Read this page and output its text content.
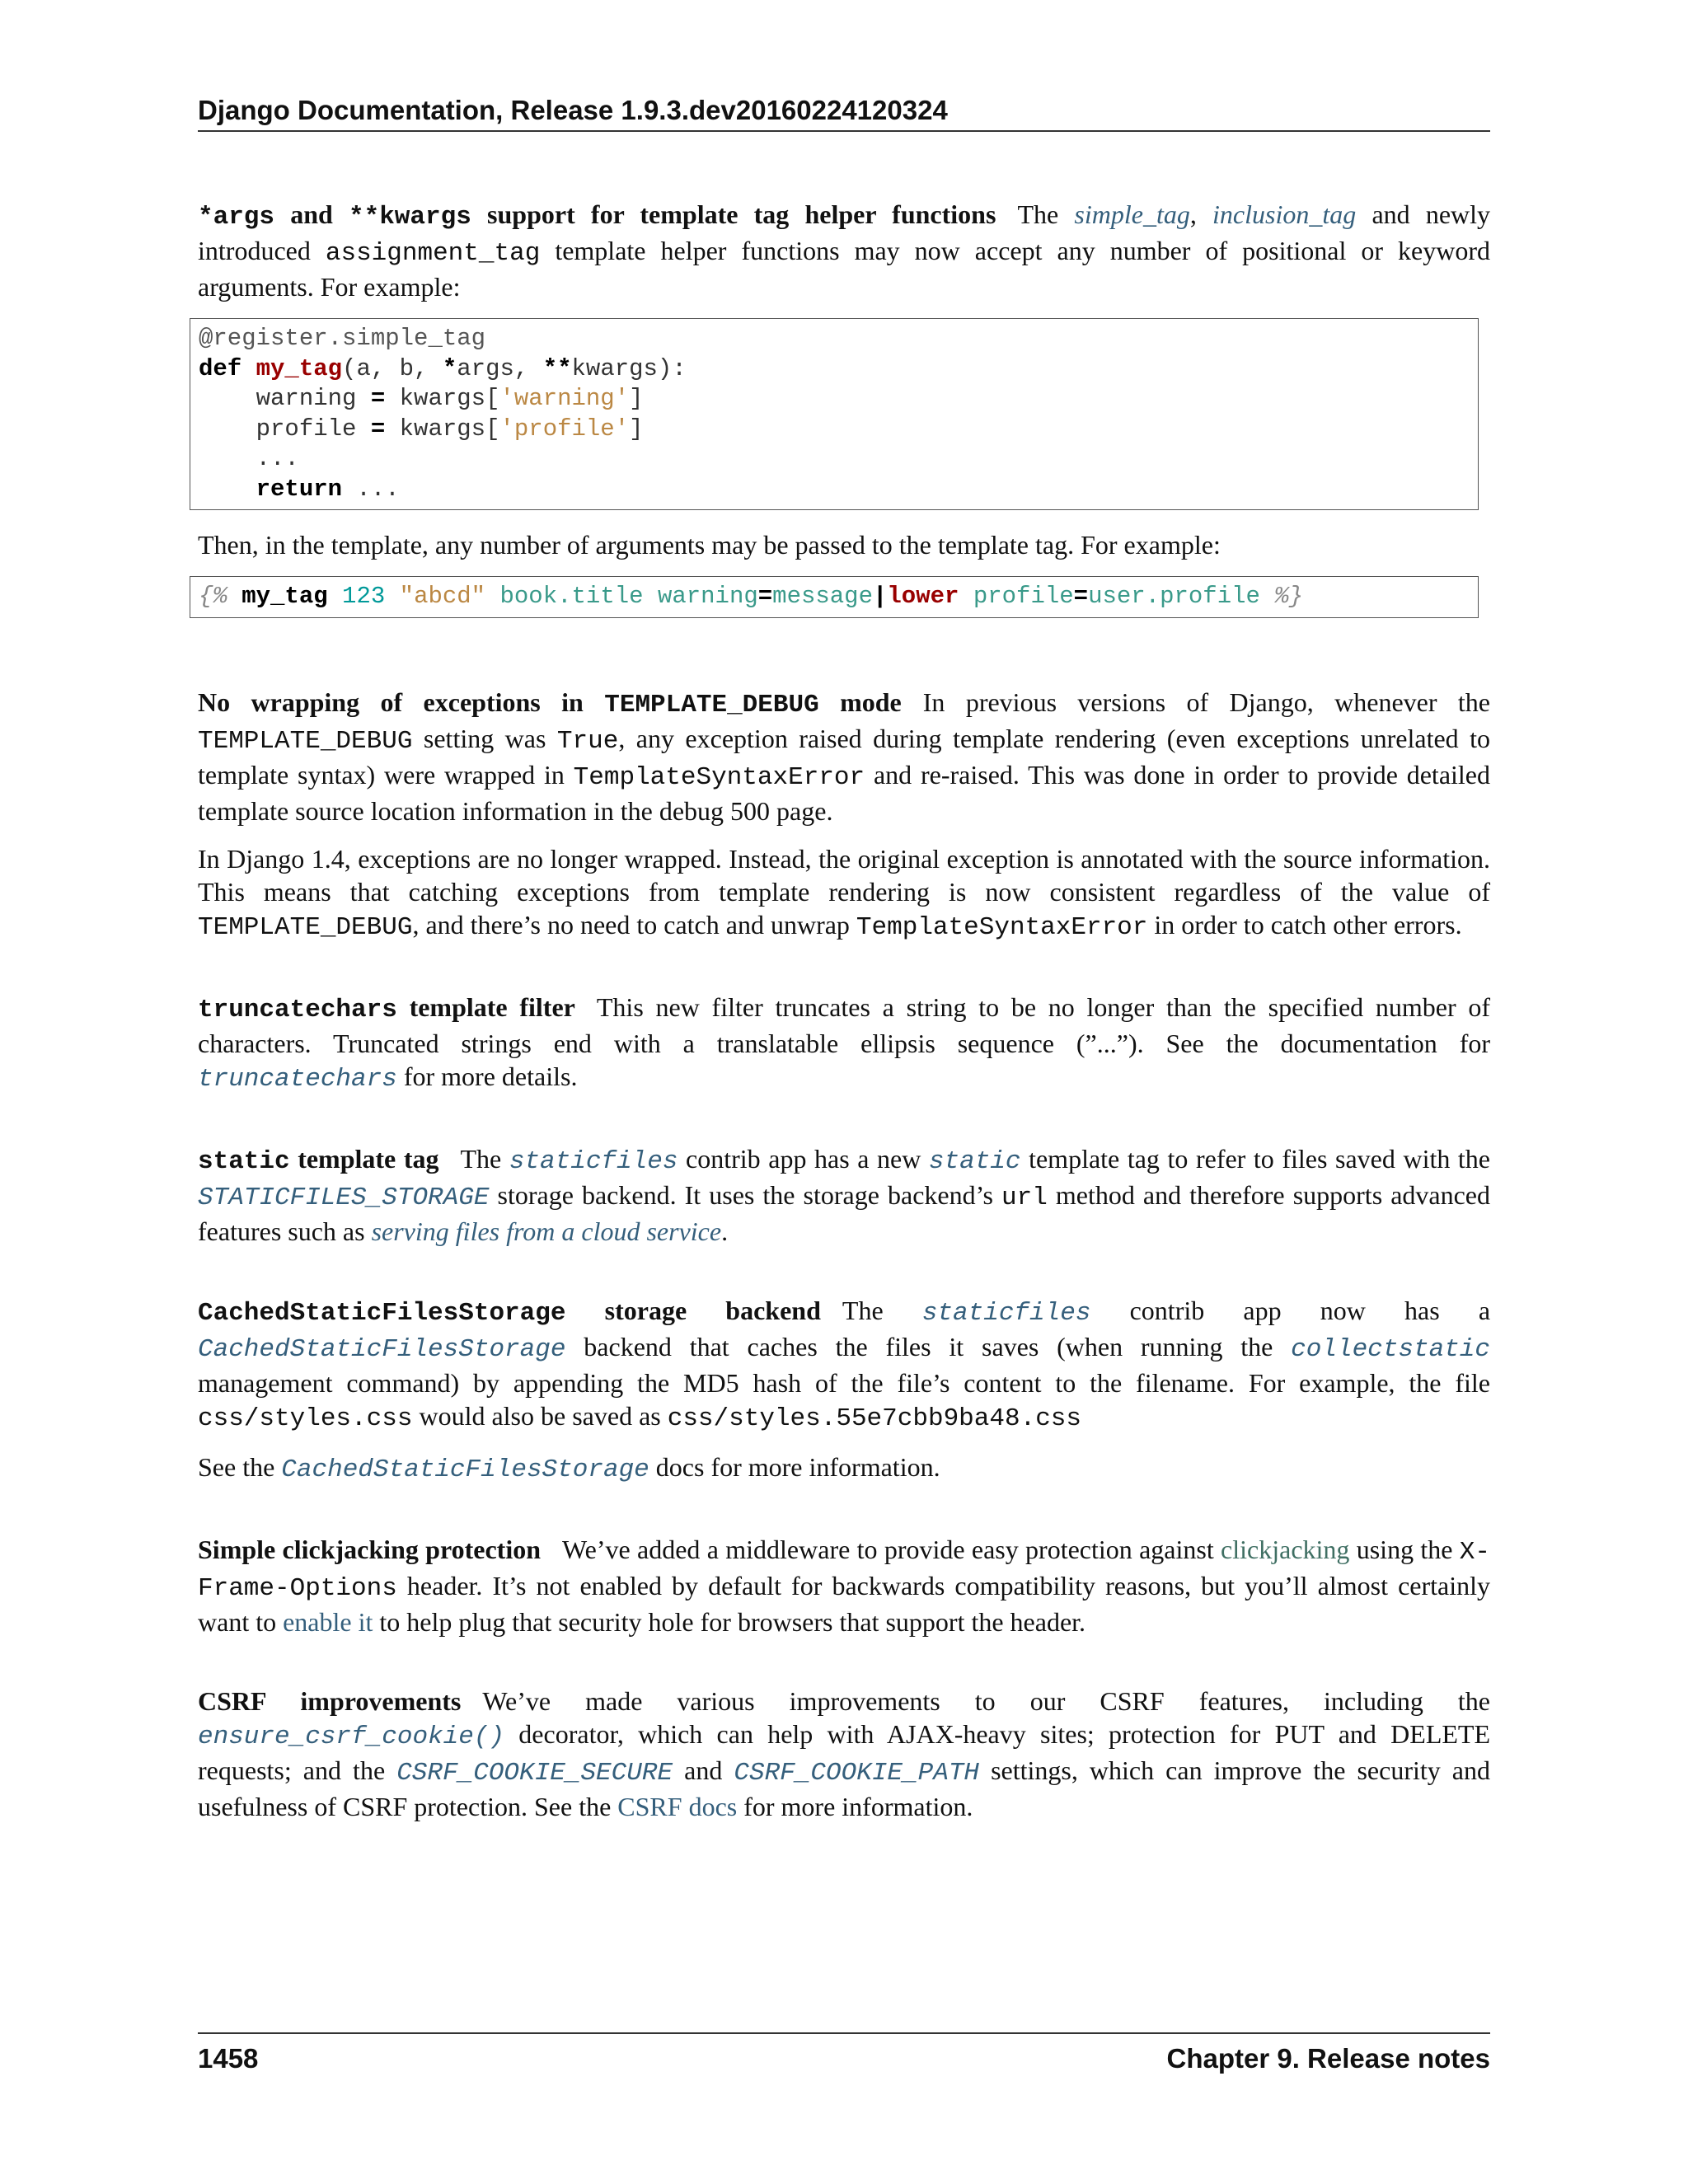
Django Documentation, Release 1.9.3.dev20160224120324

*args and **kwargs support for template tag helper functions The simple_tag, inclusion_tag and newly introduced assignment_tag template helper functions may now accept any number of positional or keyword arguments. For example:

@register.simple_tag
def my_tag(a, b, *args, **kwargs):
warning = kwargs['warning']
profile = kwargs['profile']
...
return ...

Then, in the template, any number of arguments may be passed to the template tag. For example:

{% my_tag 123 "abcd" book.title warning=message|lower profile=user.profile %}

No wrapping of exceptions in TEMPLATE_DEBUG mode In previous versions of Django, whenever the TEMPLATE_DEBUG setting was True, any exception raised during template rendering (even exceptions unrelated to template syntax) were wrapped in TemplateSyntaxError and re-raised. This was done in order to provide detailed template source location information in the debug 500 page.

In Django 1.4, exceptions are no longer wrapped. Instead, the original exception is annotated with the source information. This means that catching exceptions from template rendering is now consistent regardless of the value of TEMPLATE_DEBUG, and there’s no need to catch and unwrap TemplateSyntaxError in order to catch other errors.

truncatechars template filter This new filter truncates a string to be no longer than the specified number of characters. Truncated strings end with a translatable ellipsis sequence (”...”). See the documentation for truncatechars for more details.

static template tag The staticfiles contrib app has a new static template tag to refer to files saved with the STATICFILES_STORAGE storage backend. It uses the storage backend’s url method and therefore supports advanced features such as serving files from a cloud service.

CachedStaticFilesStorage storage backend The staticfiles contrib app now has a CachedStaticFilesStorage backend that caches the files it saves (when running the collectstatic management command) by appending the MD5 hash of the file’s content to the filename. For example, the file css/styles.css would also be saved as css/styles.55e7cbb9ba48.css

See the CachedStaticFilesStorage docs for more information.

Simple clickjacking protection We’ve added a middleware to provide easy protection against clickjacking using the X-Frame-Options header. It’s not enabled by default for backwards compatibility reasons, but you’ll almost certainly want to enable it to help plug that security hole for browsers that support the header.

CSRF improvements We’ve made various improvements to our CSRF features, including the ensure_csrf_cookie() decorator, which can help with AJAX-heavy sites; protection for PUT and DELETE requests; and the CSRF_COOKIE_SECURE and CSRF_COOKIE_PATH settings, which can improve the security and usefulness of CSRF protection. See the CSRF docs for more information.

1458	Chapter 9. Release notes
